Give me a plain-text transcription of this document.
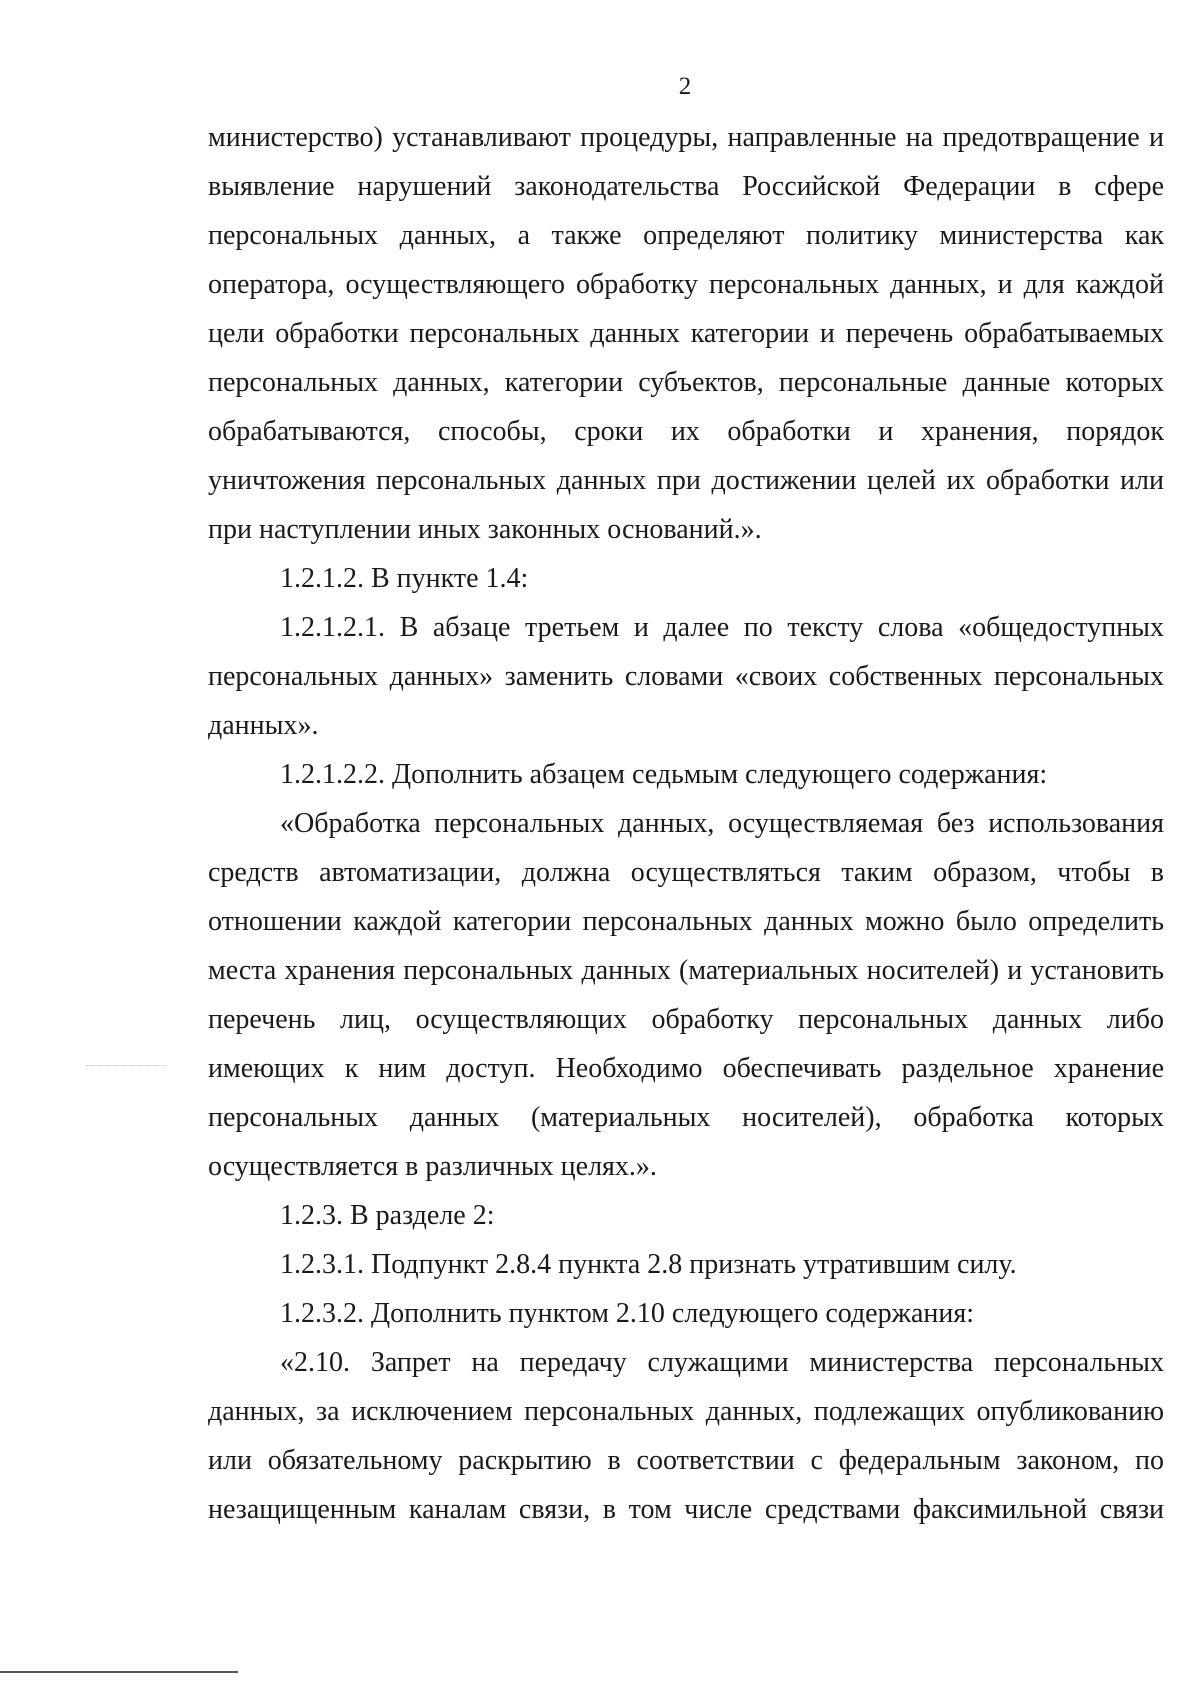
2

министерство) устанавливают процедуры, направленные на предотвращение и выявление нарушений законодательства Российской Федерации в сфере персональных данных, а также определяют политику министерства как оператора, осуществляющего обработку персональных данных, и для каждой цели обработки персональных данных категории и перечень обрабатываемых персональных данных, категории субъектов, персональные данные которых обрабатываются, способы, сроки их обработки и хранения, порядок уничтожения персональных данных при достижении целей их обработки или при наступлении иных законных оснований.».

1.2.1.2. В пункте 1.4:

1.2.1.2.1. В абзаце третьем и далее по тексту слова «общедоступных персональных данных» заменить словами «своих собственных персональных данных».

1.2.1.2.2. Дополнить абзацем седьмым следующего содержания:

«Обработка персональных данных, осуществляемая без использования средств автоматизации, должна осуществляться таким образом, чтобы в отношении каждой категории персональных данных можно было определить места хранения персональных данных (материальных носителей) и установить перечень лиц, осуществляющих обработку персональных данных либо имеющих к ним доступ. Необходимо обеспечивать раздельное хранение персональных данных (материальных носителей), обработка которых осуществляется в различных целях.».

1.2.3. В разделе 2:

1.2.3.1. Подпункт 2.8.4 пункта 2.8 признать утратившим силу.

1.2.3.2. Дополнить пунктом 2.10 следующего содержания:

«2.10. Запрет на передачу служащими министерства персональных данных, за исключением персональных данных, подлежащих опубликованию или обязательному раскрытию в соответствии с федеральным законом, по незащищенным каналам связи, в том числе средствами факсимильной связи
